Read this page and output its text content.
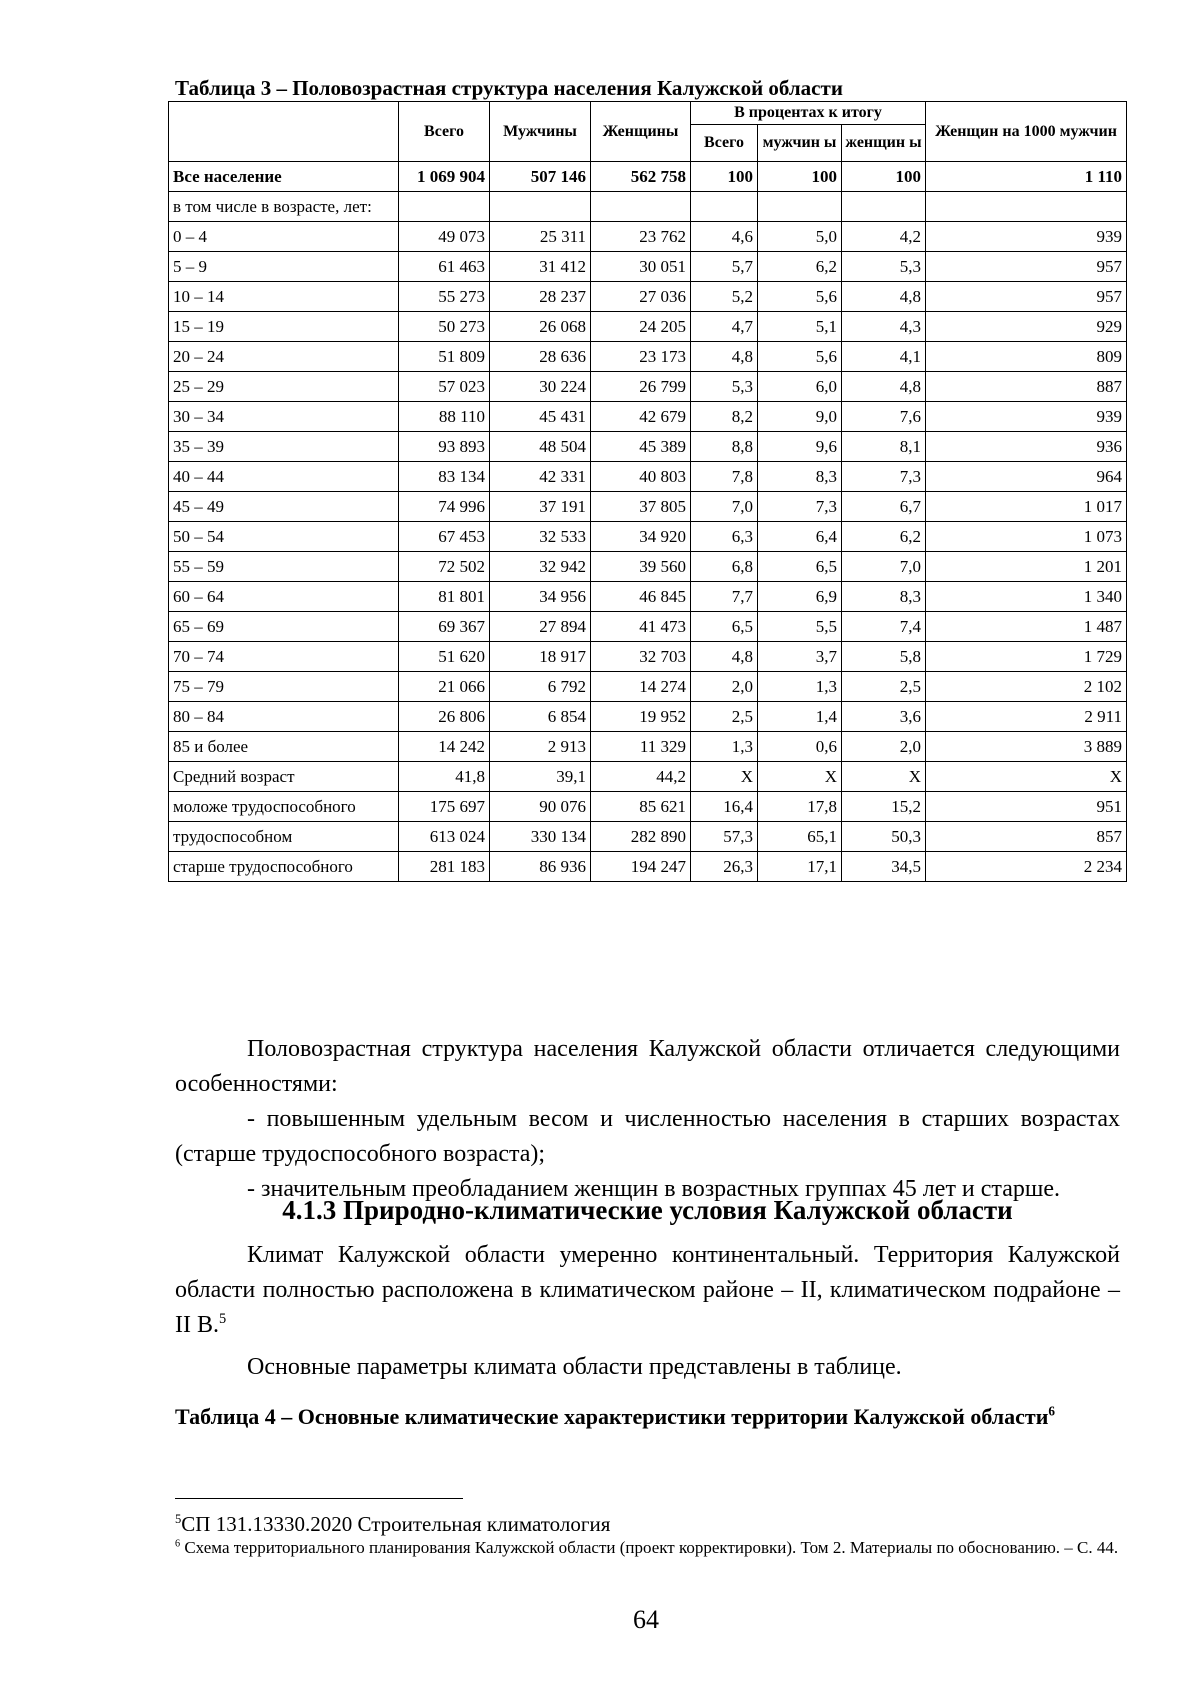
Таблица 3 – Половозрастная структура населения Калужской области
	Всего	Мужчины	Женщины	В процентах к итогу			Женщин на 1000 мужчин
				Всего	мужчин ы	женщин ы	
Все население	1 069 904	507 146	562 758	100	100	100	1 110
в том числе в возрасте, лет:							
0 – 4	49 073	25 311	23 762	4,6	5,0	4,2	939
5 – 9	61 463	31 412	30 051	5,7	6,2	5,3	957
10 – 14	55 273	28 237	27 036	5,2	5,6	4,8	957
15 – 19	50 273	26 068	24 205	4,7	5,1	4,3	929
20 – 24	51 809	28 636	23 173	4,8	5,6	4,1	809
25 – 29	57 023	30 224	26 799	5,3	6,0	4,8	887
30 – 34	88 110	45 431	42 679	8,2	9,0	7,6	939
35 – 39	93 893	48 504	45 389	8,8	9,6	8,1	936
40 – 44	83 134	42 331	40 803	7,8	8,3	7,3	964
45 – 49	74 996	37 191	37 805	7,0	7,3	6,7	1 017
50 – 54	67 453	32 533	34 920	6,3	6,4	6,2	1 073
55 – 59	72 502	32 942	39 560	6,8	6,5	7,0	1 201
60 – 64	81 801	34 956	46 845	7,7	6,9	8,3	1 340
65 – 69	69 367	27 894	41 473	6,5	5,5	7,4	1 487
70 – 74	51 620	18 917	32 703	4,8	3,7	5,8	1 729
75 – 79	21 066	6 792	14 274	2,0	1,3	2,5	2 102
80 – 84	26 806	6 854	19 952	2,5	1,4	3,6	2 911
85 и более	14 242	2 913	11 329	1,3	0,6	2,0	3 889
Средний возраст	41,8	39,1	44,2	X	X	X	X
моложе трудоспособного	175 697	90 076	85 621	16,4	17,8	15,2	951
трудоспособном	613 024	330 134	282 890	57,3	65,1	50,3	857
старше трудоспособного	281 183	86 936	194 247	26,3	17,1	34,5	2 234

Половозрастная структура населения Калужской области отличается следующими особенностями:

- повышенным удельным весом и численностью населения в старших возрастах (старше трудоспособного возраста);

- значительным преобладанием женщин в возрастных группах 45 лет и старше.

4.1.3 Природно-климатические условия Калужской области

Климат Калужской области умеренно континентальный. Территория Калужской области полностью расположена в климатическом районе – II, климатическом подрайоне – II В.$^5$

Основные параметры климата области представлены в таблице.

Таблица 4 – Основные климатические характеристики территории Калужской области$^6$
$^5$СП 131.13330.2020 Строительная климатология
$^6$ Схема территориального планирования Калужской области (проект корректировки). Том 2. Материалы по обоснованию. – С. 44.
64
